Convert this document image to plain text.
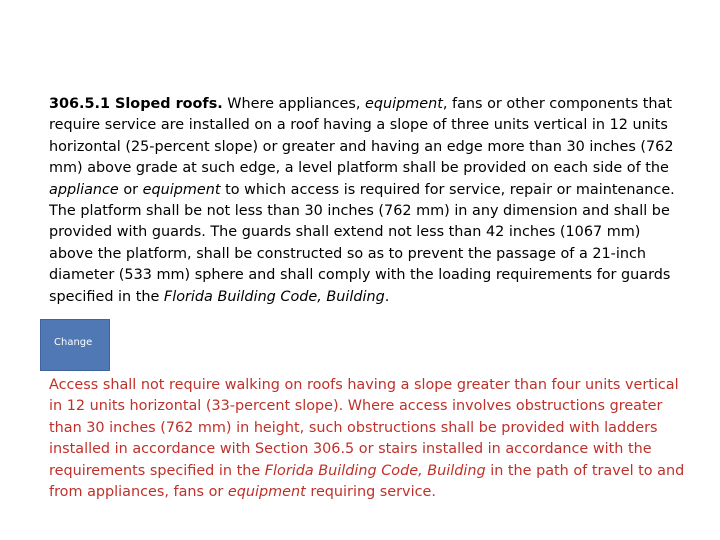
306.5.1 Sloped roofs. Where appliances, equipment, fans or other components that require service are installed on a roof having a slope of three units vertical in 12 units horizontal (25-percent slope) or greater and having an edge more than 30 inches (762 mm) above grade at such edge, a level platform shall be provided on each side of the appliance or equipment to which access is required for service, repair or maintenance. The platform shall be not less than 30 inches (762 mm) in any dimension and shall be provided with guards. The guards shall extend not less than 42 inches (1067 mm) above the platform, shall be constructed so as to prevent the passage of a 21-inch diameter (533 mm) sphere and shall comply with the loading requirements for guards specified in the Florida Building Code, Building.

Change

Access shall not require walking on roofs having a slope greater than four units vertical in 12 units horizontal (33-percent slope). Where access involves obstructions greater than 30 inches (762 mm) in height, such obstructions shall be provided with ladders installed in accordance with Section 306.5 or stairs installed in accordance with the requirements specified in the Florida Building Code, Building in the path of travel to and from appliances, fans or equipment requiring service.
